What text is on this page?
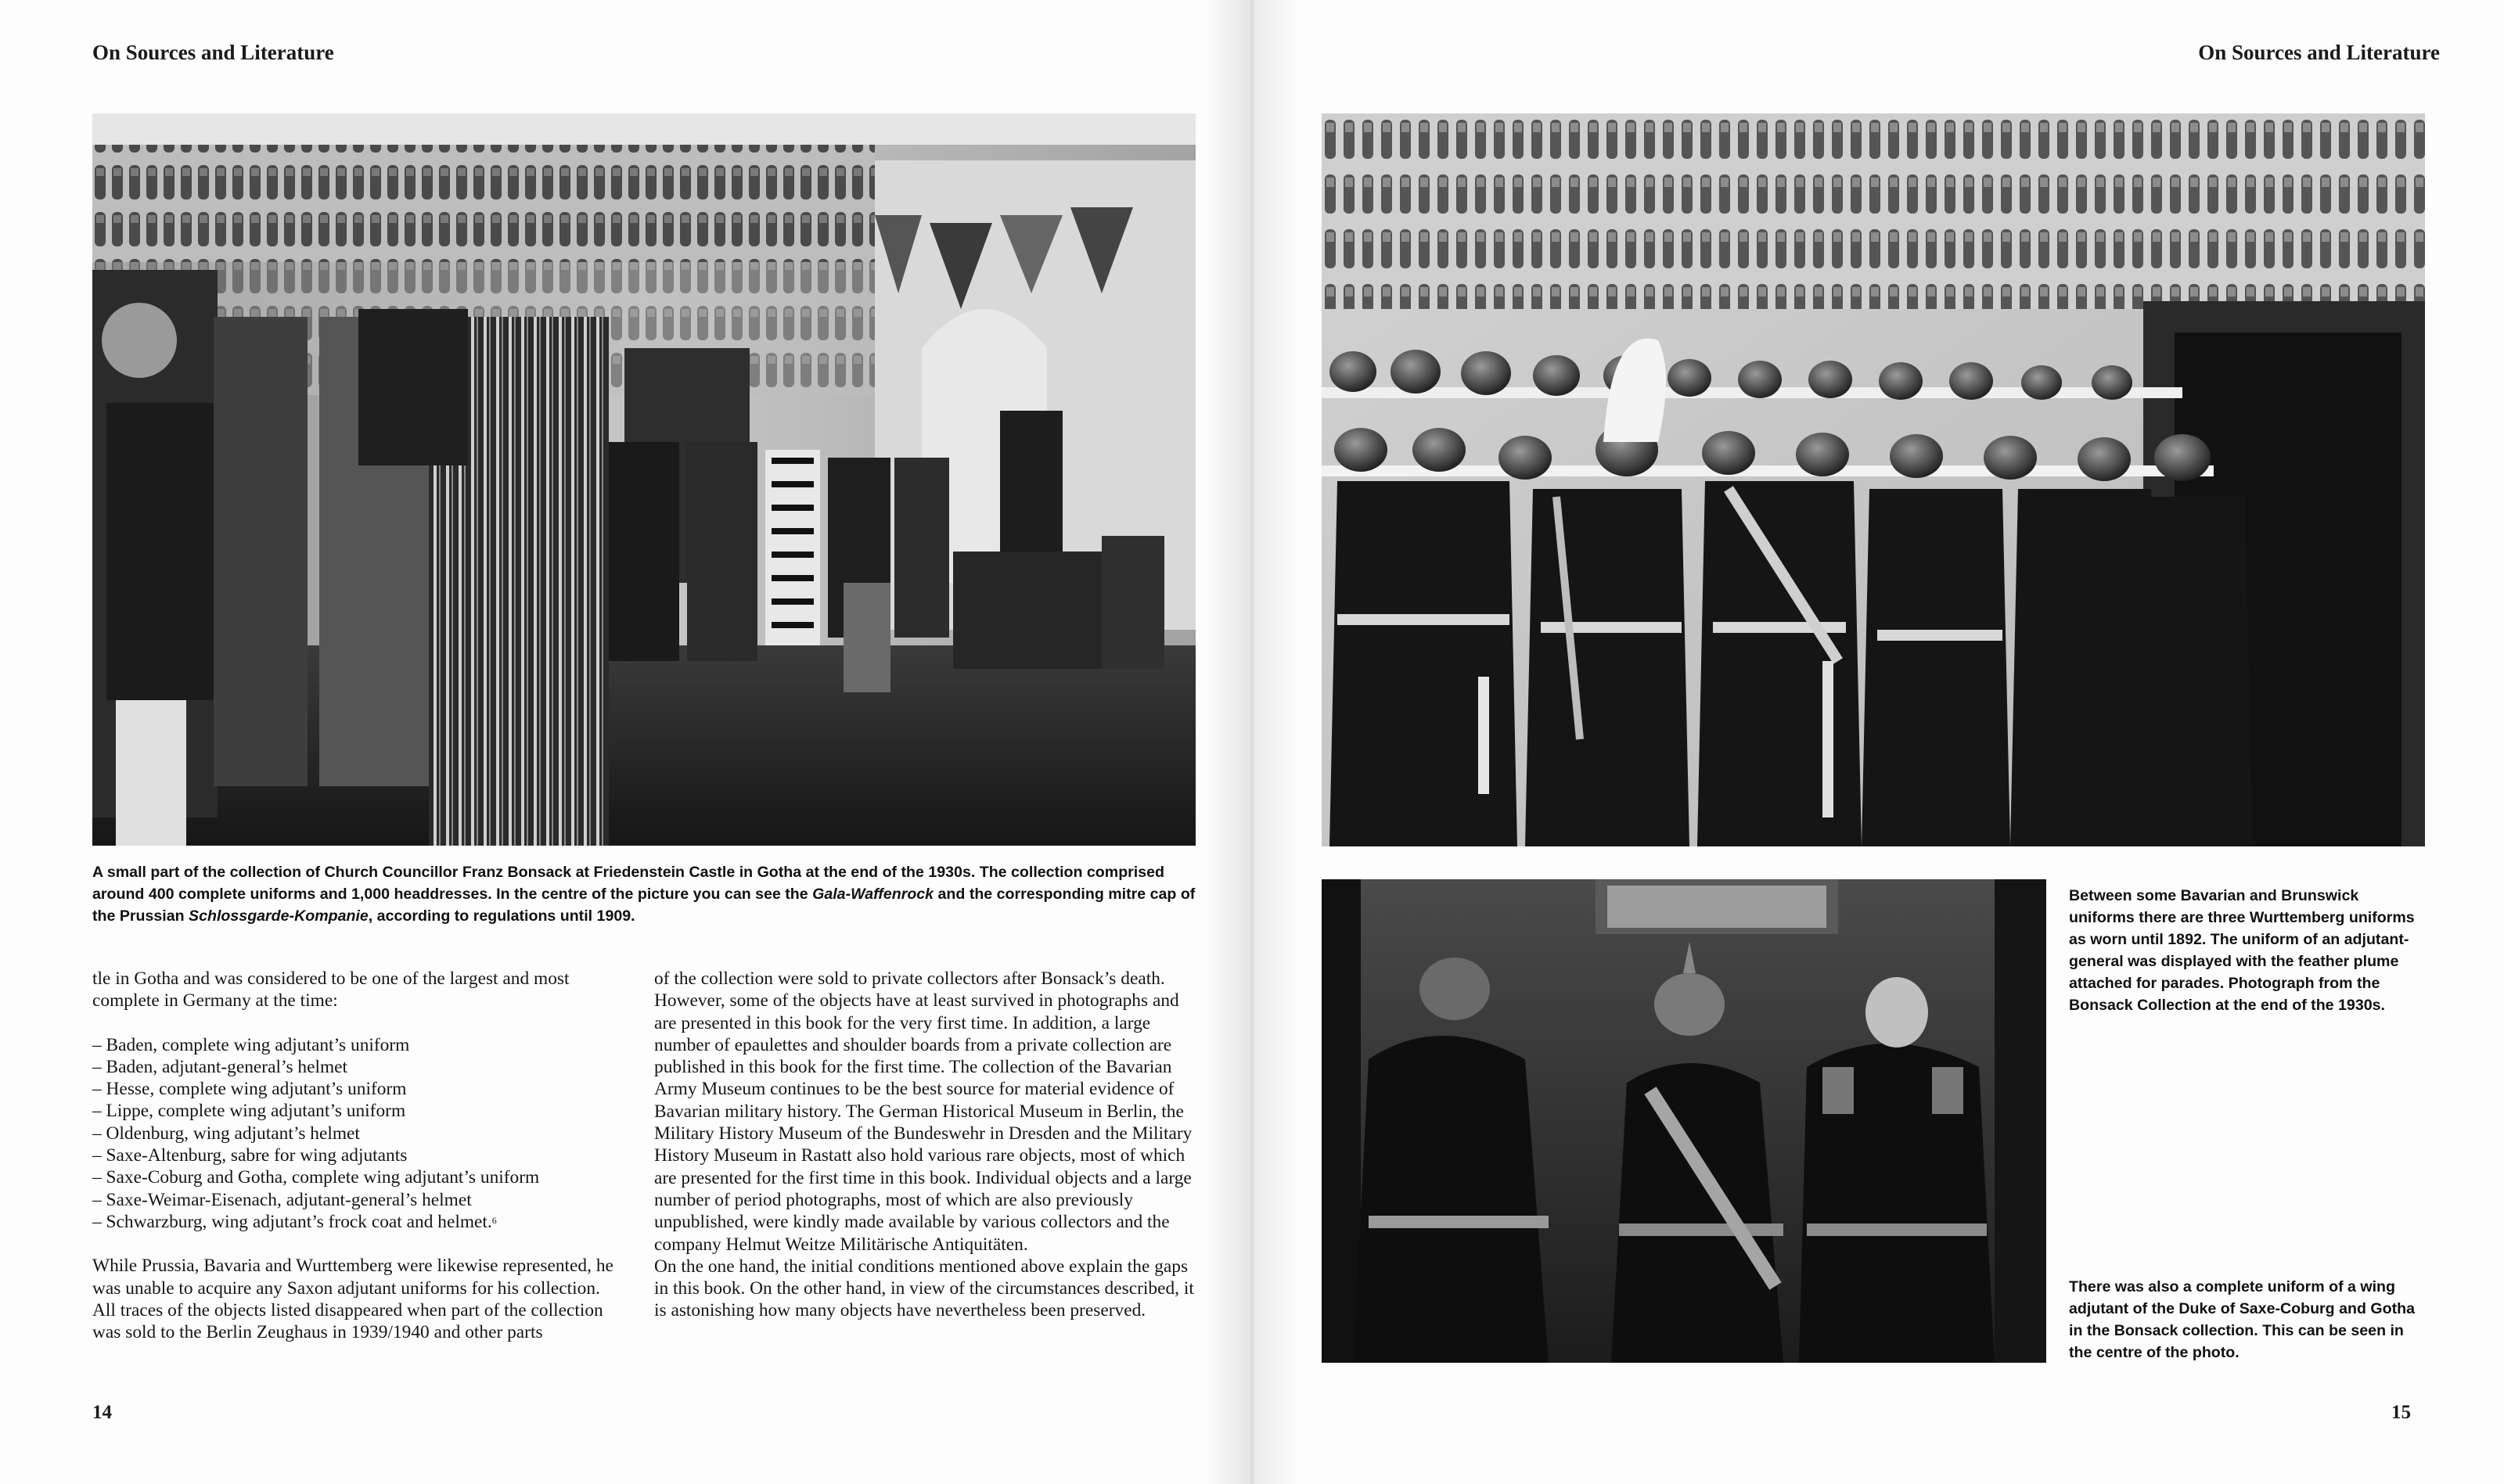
On Sources and Literature	On Sources and Literature
A small part of the collection of Church Councillor Franz Bonsack at Friedenstein Castle in Gotha at the end of the 1930s. The collection comprised around 400 complete uniforms and 1,000 headdresses. In the centre of the picture you can see the Gala-Waffenrock and the corresponding mitre cap of the Prussian Schlossgarde-Kompanie, according to regulations until 1909.

tle in Gotha and was considered to be one of the largest and most complete in Germany at the time:

– Baden, complete wing adjutant’s uniform
– Baden, adjutant-general’s helmet
– Hesse, complete wing adjutant’s uniform
– Lippe, complete wing adjutant’s uniform
– Oldenburg, wing adjutant’s helmet
– Saxe-Altenburg, sabre for wing adjutants
– Saxe-Coburg and Gotha, complete wing adjutant’s uniform
– Saxe-Weimar-Eisenach, adjutant-general’s helmet
– Schwarzburg, wing adjutant’s frock coat and helmet.$^6$

While Prussia, Bavaria and Wurttemberg were likewise represented, he was unable to acquire any Saxon adjutant uniforms for his collection.

All traces of the objects listed disappeared when part of the collection was sold to the Berlin Zeughaus in 1939/1940 and other parts

of the collection were sold to private collectors after Bonsack’s death. However, some of the objects have at least survived in photographs and are presented in this book for the very first time. In addition, a large number of epaulettes and shoulder boards from a private collection are published in this book for the first time. The collection of the Bavarian Army Museum continues to be the best source for material evidence of Bavarian military history. The German Historical Museum in Berlin, the Military History Museum of the Bundeswehr in Dresden and the Military History Museum in Rastatt also hold various rare objects, most of which are presented for the first time in this book. Individual objects and a large number of period photographs, most of which are also previously unpublished, were kindly made available by various collectors and the company Helmut Weitze Militärische Antiquitäten.

On the one hand, the initial conditions mentioned above explain the gaps in this book. On the other hand, in view of the circumstances described, it is astonishing how many objects have nevertheless been preserved.

14
Between some Bavarian and Brunswick uniforms there are three Wurttemberg uniforms as worn until 1892. The uniform of an adjutant-general was displayed with the feather plume attached for parades. Photograph from the Bonsack Collection at the end of the 1930s.
There was also a complete uniform of a wing adjutant of the Duke of Saxe-Coburg and Gotha in the Bonsack collection. This can be seen in the centre of the photo.
15
